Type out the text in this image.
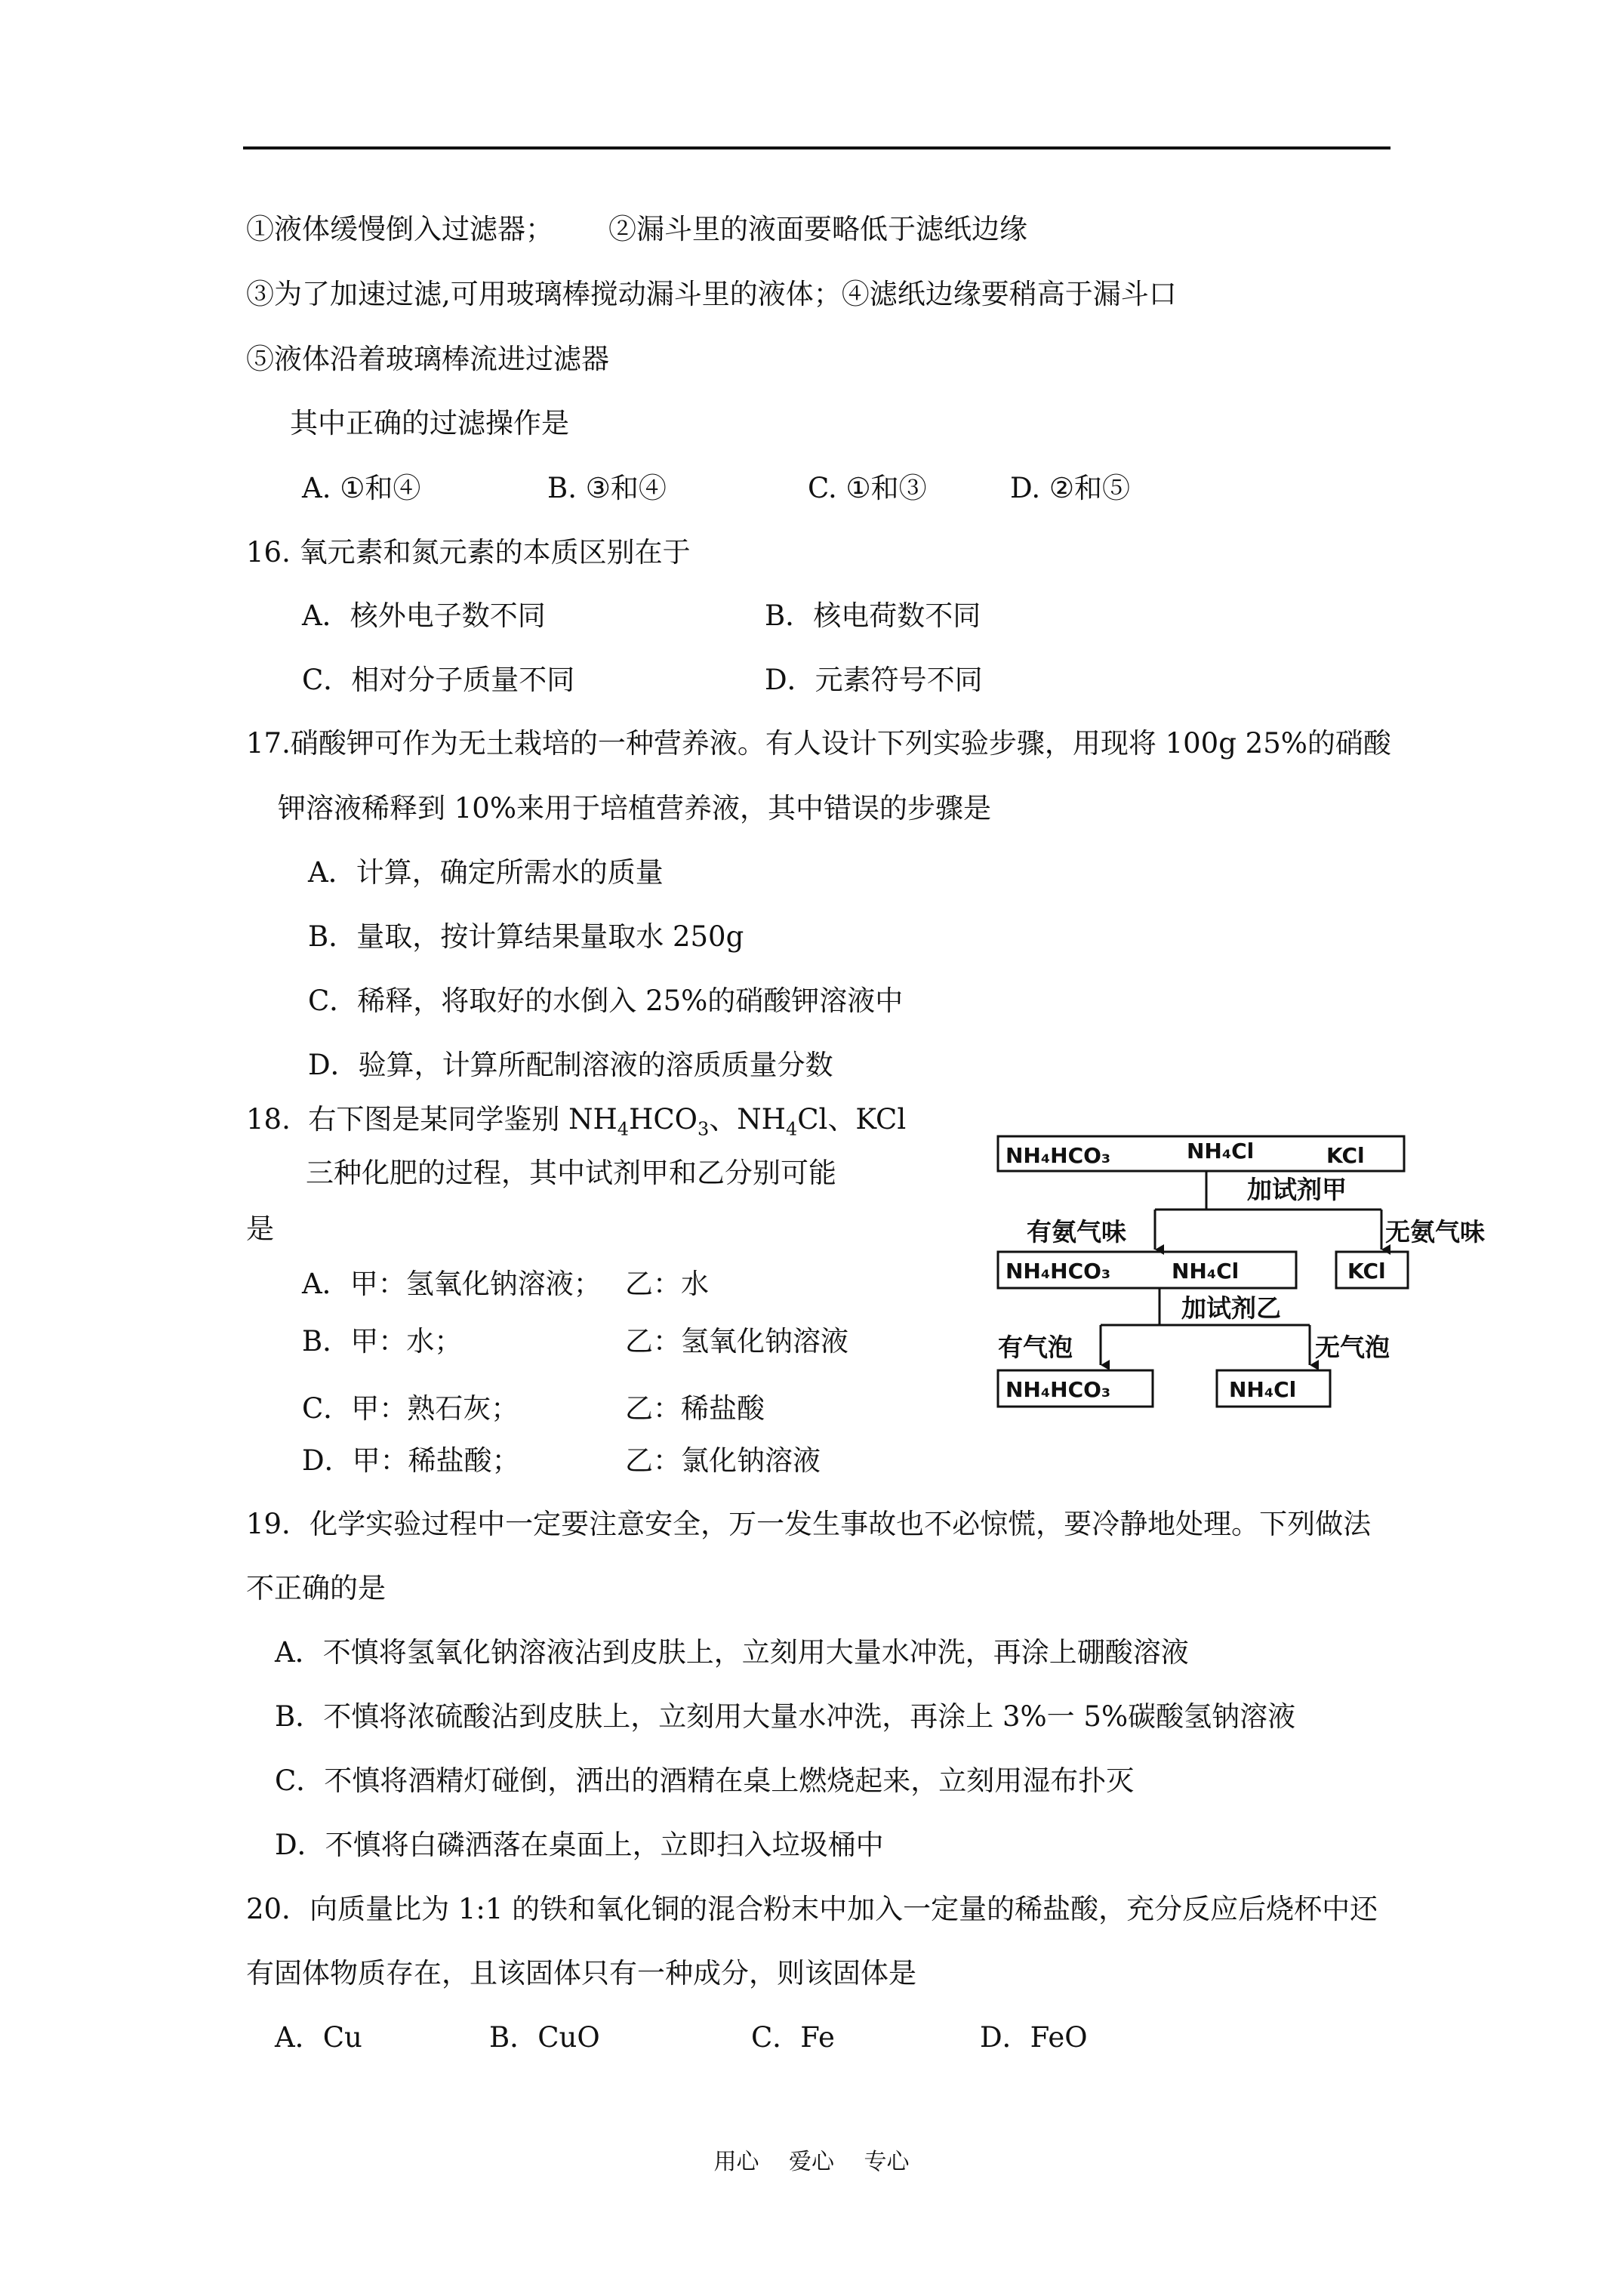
①液体缓慢倒入过滤器； ②漏斗里的液面要略低于滤纸边缘
③为了加速过滤,可用玻璃棒搅动漏斗里的液体；④滤纸边缘要稍高于漏斗口
⑤液体沿着玻璃棒流进过滤器
其中正确的过滤操作是
A. ①和④	B. ③和④	C. ①和③	D. ②和⑤
16. 氧元素和氮元素的本质区别在于
A．核外电子数不同	B．核电荷数不同
C．相对分子质量不同	D．元素符号不同
17.硝酸钾可作为无土栽培的一种营养液。有人设计下列实验步骤，用现将 100g 25%的硝酸
钾溶液稀释到 10%来用于培植营养液，其中错误的步骤是
A．计算，确定所需水的质量
B．量取，按计算结果量取水 250g
C．稀释，将取好的水倒入 25%的硝酸钾溶液中
D．验算，计算所配制溶液的溶质质量分数
18.  右下图是某同学鉴别 $NH_4HCO_3$、$NH_4Cl$、KCl
三种化肥的过程，其中试剂甲和乙分别可能
是
A．甲：氢氧化钠溶液； 乙：水
B．甲：水；	乙：氢氧化钠溶液
C．甲：熟石灰；	乙：稀盐酸
D．甲：稀盐酸；	乙：氯化钠溶液
NH₄HCO₃	NH₄Cl	KCl
加试剂甲
有氨气味	无氨气味
NH₄HCO₃	NH₄Cl	KCl
加试剂乙
有气泡	无气泡
NH₄HCO₃	NH₄Cl
19．化学实验过程中一定要注意安全，万一发生事故也不必惊慌，要冷静地处理。下列做法
不正确的是
A．不慎将氢氧化钠溶液沾到皮肤上，立刻用大量水冲洗，再涂上硼酸溶液
B．不慎将浓硫酸沾到皮肤上，立刻用大量水冲洗，再涂上 3%一 5%碳酸氢钠溶液
C．不慎将酒精灯碰倒，洒出的酒精在桌上燃烧起来，立刻用湿布扑灭
D．不慎将白磷洒落在桌面上，立即扫入垃圾桶中
20．向质量比为 1:1 的铁和氧化铜的混合粉末中加入一定量的稀盐酸，充分反应后烧杯中还
有固体物质存在，且该固体只有一种成分，则该固体是
A．Cu	B．CuO	C．Fe	D．FeO
用心 爱心 专心
